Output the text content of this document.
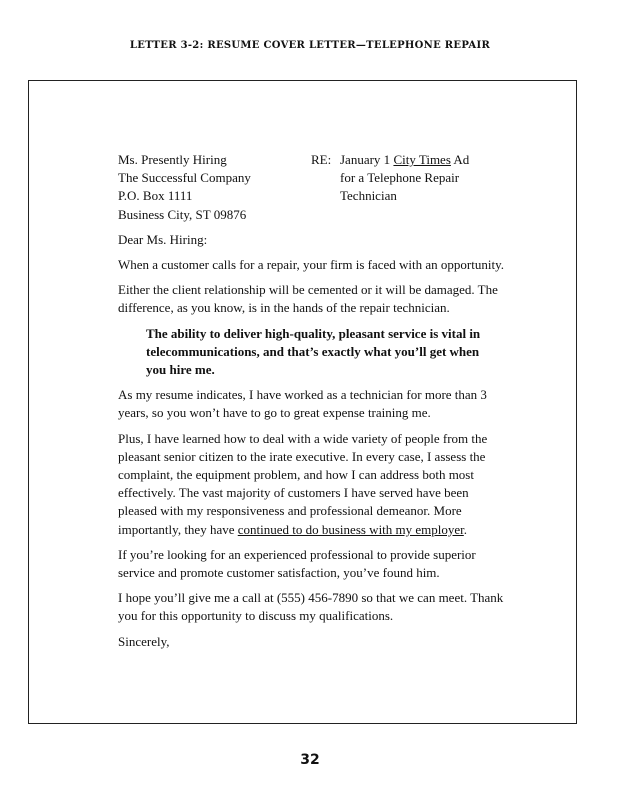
LETTER 3-2: RESUME COVER LETTER—TELEPHONE REPAIR
Ms. Presently Hiring
The Successful Company
P.O. Box 1111
Business City, ST 09876
RE: January 1 City Times Ad
for a Telephone Repair
Technician
Dear Ms. Hiring:
When a customer calls for a repair, your firm is faced with an opportunity.
Either the client relationship will be cemented or it will be damaged. The difference, as you know, is in the hands of the repair technician.
The ability to deliver high-quality, pleasant service is vital in telecommunications, and that’s exactly what you’ll get when you hire me.
As my resume indicates, I have worked as a technician for more than 3 years, so you won’t have to go to great expense training me.
Plus, I have learned how to deal with a wide variety of people from the pleasant senior citizen to the irate executive. In every case, I assess the complaint, the equipment problem, and how I can address both most effectively. The vast majority of customers I have served have been pleased with my responsiveness and professional demeanor. More importantly, they have continued to do business with my employer.
If you’re looking for an experienced professional to provide superior service and promote customer satisfaction, you’ve found him.
I hope you’ll give me a call at (555) 456-7890 so that we can meet. Thank you for this opportunity to discuss my qualifications.
Sincerely,
32
